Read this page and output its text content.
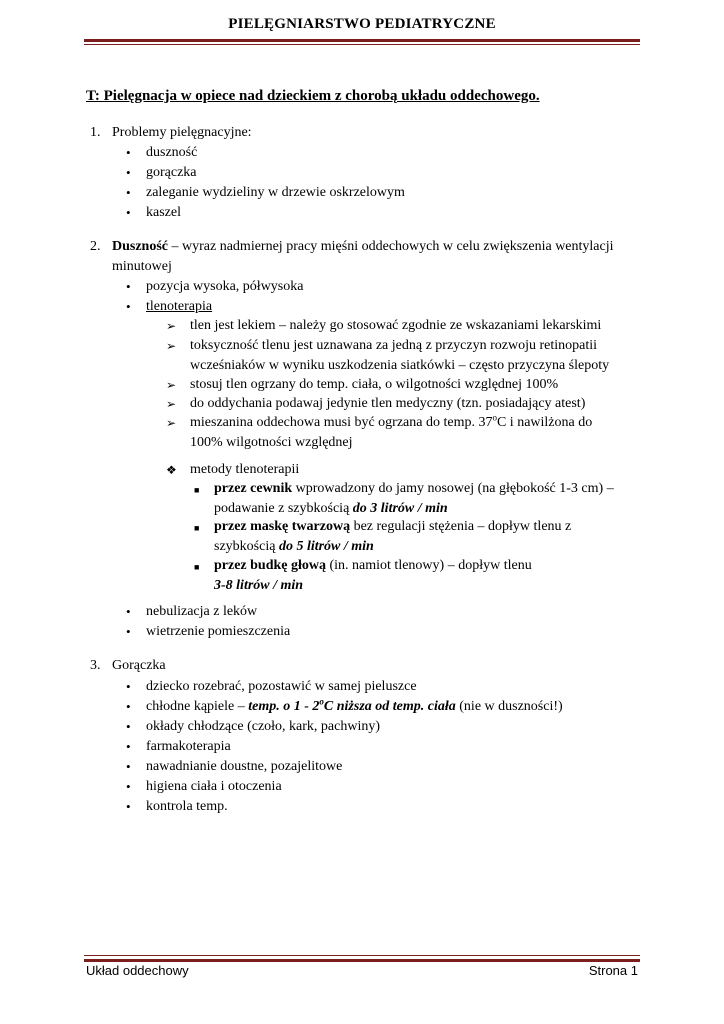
PIELĘGNIARSTWO PEDIATRYCZNE
T: Pielęgnacja w opiece nad dzieckiem z chorobą układu oddechowego.
1. Problemy pielęgnacyjne:
• duszność
• gorączka
• zaleganie wydzieliny w drzewie oskrzelowym
• kaszel
2. Duszność – wyraz nadmiernej pracy mięśni oddechowych w celu zwiększenia wentylacji
minutowej
• pozycja wysoka, półwysoka
• tlenoterapia
➢ tlen jest lekiem – należy go stosować zgodnie ze wskazaniami lekarskimi
➢ toksyczność tlenu jest uznawana za jedną z przyczyn rozwoju retinopatii
wcześniaków w wyniku uszkodzenia siatkówki – często przyczyna ślepoty
➢ stosuj tlen ogrzany do temp. ciała, o wilgotności względnej 100%
➢ do oddychania podawaj jedynie tlen medyczny (tzn. posiadający atest)
➢ mieszanina oddechowa musi być ogrzana do temp. 37$^o$C i nawilżona do
100% wilgotności względnej
❖ metody tlenoterapii
■ przez cewnik wprowadzony do jamy nosowej (na głębokość 1-3 cm) –
podawanie z szybkością do 3 litrów / min
■ przez maskę twarzową bez regulacji stężenia – dopływ tlenu z
szybkością do 5 litrów / min
■ przez budkę głową (in. namiot tlenowy) – dopływ tlenu
3-8 litrów / min
• nebulizacja z leków
• wietrzenie pomieszczenia
3. Gorączka
• dziecko rozebrać, pozostawić w samej pieluszce
• chłodne kąpiele – temp. o 1 - 2$^o$C niższa od temp. ciała (nie w duszności!)
• okłady chłodzące (czoło, kark, pachwiny)
• farmakoterapia
• nawadnianie doustne, pozajelitowe
• higiena ciała i otoczenia
• kontrola temp.
Układ oddechowy	Strona 1
